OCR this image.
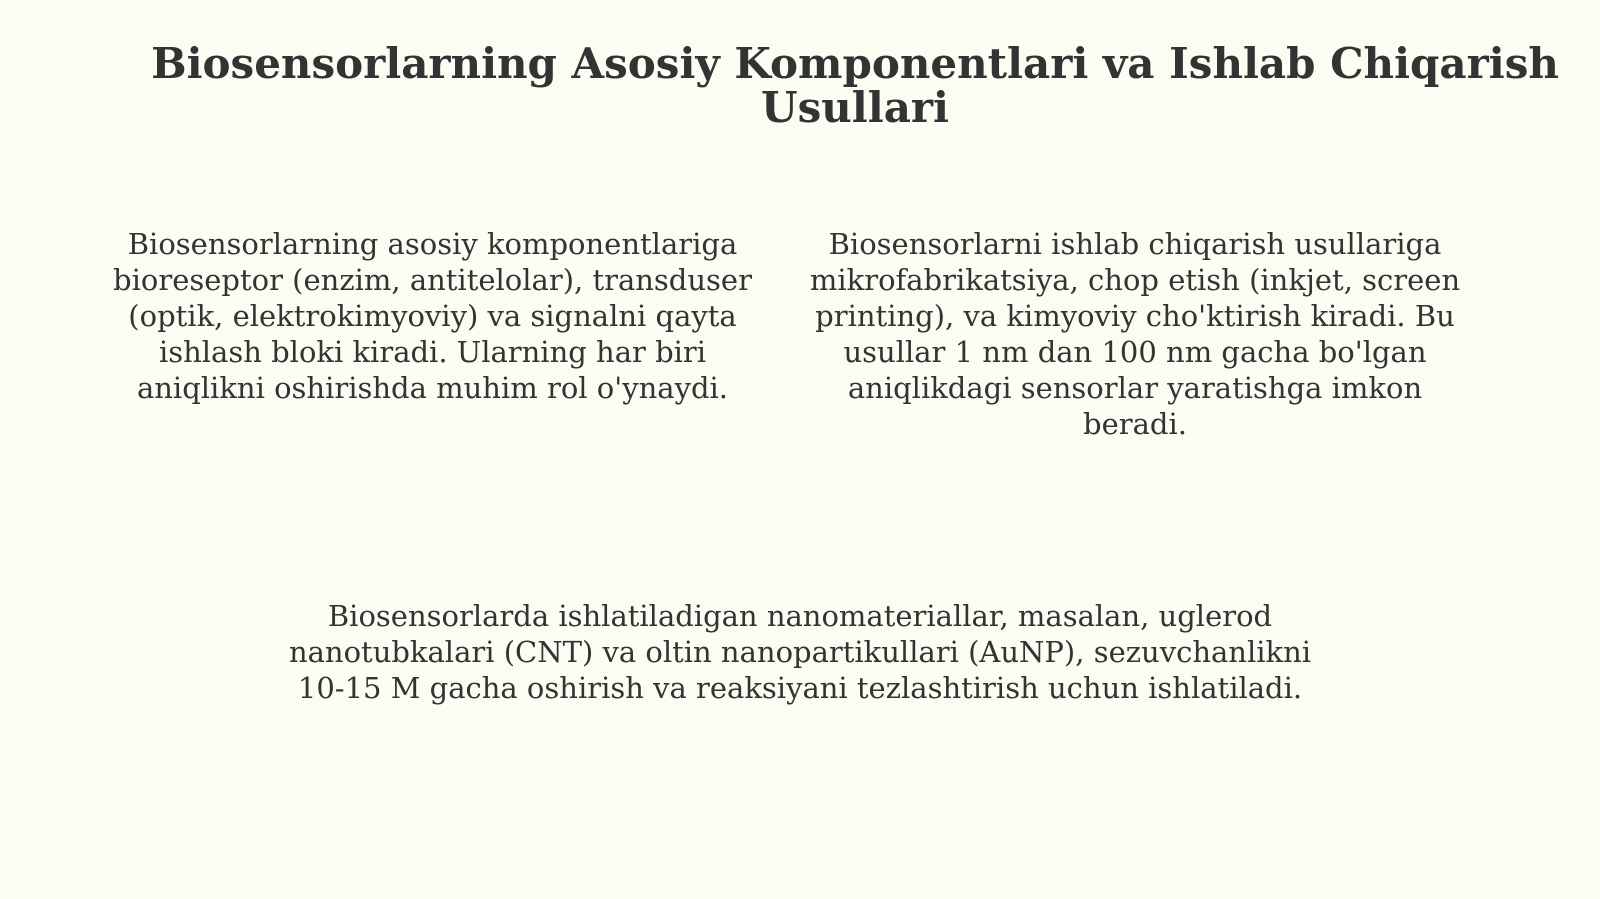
Biosensorlarning Asosiy Komponentlari va Ishlab Chiqarish Usullari

Biosensorlarning asosiy komponentlariga bioreseptor (enzim, antitelolar), transduser (optik, elektrokimyoviy) va signalni qayta ishlash bloki kiradi. Ularning har biri aniqlikni oshirishda muhim rol o'ynaydi.

Biosensorlarni ishlab chiqarish usullariga mikrofabrikatsiya, chop etish (inkjet, screen printing), va kimyoviy cho'ktirish kiradi. Bu usullar 1 nm dan 100 nm gacha bo'lgan aniqlikdagi sensorlar yaratishga imkon beradi.

Biosensorlarda ishlatiladigan nanomateriallar, masalan, uglerod nanotubkalari (CNT) va oltin nanopartikullari (AuNP), sezuvchanlikni 10-15 M gacha oshirish va reaksiyani tezlashtirish uchun ishlatiladi.
